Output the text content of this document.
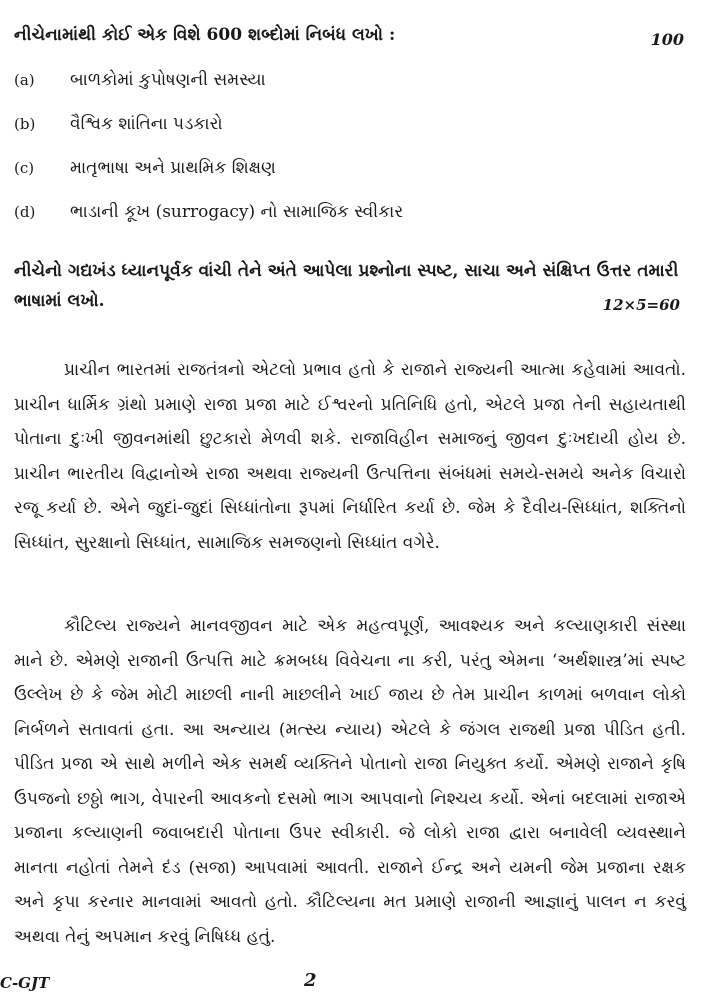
નીચેનામાંથી કોઈ એક વિશે 600 શબ્દોમાં નિબંધ લખો :	100
(a)	બાળકોમાં કુપોષણની સમસ્યા
(b)	વૈશ્વિક શાંતિના પડકારો
(c)	માતૃભાષા અને પ્રાથમિક શિક્ષણ
(d)	ભાડાની કૂખ (surrogacy) નો સામાજિક સ્વીકાર
નીચેનો ગદ્યખંડ ધ્યાનપૂર્વક વાંચી તેને અંતે આપેલા પ્રશ્નોના સ્પષ્ટ, સાચા અને સંક્ષિપ્ત ઉત્તર તમારી ભાષામાં લખો.	12×5=60

પ્રાચીન ભારતમાં રાજતંત્રનો એટલો પ્રભાવ હતો કે રાજાને રાજ્યની આત્મા કહેવામાં આવતો. પ્રાચીન ધાર્મિક ગ્રંથો પ્રમાણે રાજા પ્રજા માટે ઈશ્વરનો પ્રતિનિધિ હતો, એટલે પ્રજા તેની સહાયતાથી પોતાના દુઃખી જીવનમાંથી છુટકારો મેળવી શકે. રાજાવિહીન સમાજનું જીવન દુઃખદાયી હોય છે. પ્રાચીન ભારતીય વિદ્વાનોએ રાજા અથવા રાજ્યની ઉત્પત્તિના સંબંધમાં સમયે-સમયે અનેક વિચારો રજૂ કર્યા છે. એને જુદાં-જુદાં સિધ્ધાંતોના રૂપમાં નિર્ધારિત કર્યા છે. જેમ કે દૈવીય-સિધ્ધાંત, શક્તિનો સિધ્ધાંત, સુરક્ષાનો સિધ્ધાંત, સામાજિક સમજણનો સિધ્ધાંત વગેરે.

કૌટિલ્ય રાજ્યને માનવજીવન માટે એક મહત્વપૂર્ણ, આવશ્યક અને કલ્યાણકારી સંસ્થા માને છે. એમણે રાજાની ઉત્પત્તિ માટે ક્રમબધ્ધ વિવેચના ના કરી, પરંતુ એમના ‘અર્થશાસ્ત્ર’માં સ્પષ્ટ ઉલ્લેખ છે કે જેમ મોટી માછલી નાની માછલીને ખાઈ જાય છે તેમ પ્રાચીન કાળમાં બળવાન લોકો નિર્બળને સતાવતાં હતા. આ અન્યાય (મત્સ્ય ન્યાય) એટલે કે જંગલ રાજથી પ્રજા પીડિત હતી. પીડિત પ્રજા એ સાથે મળીને એક સમર્થ વ્યક્તિને પોતાનો રાજા નિયુક્ત કર્યો. એમણે રાજાને કૃષિ ઉપજનો છઠ્ઠો ભાગ, વેપારની આવકનો દસમો ભાગ આપવાનો નિશ્ચય કર્યો. એનાં બદલામાં રાજાએ પ્રજાના કલ્યાણની જવાબદારી પોતાના ઉપર સ્વીકારી. જે લોકો રાજા દ્વારા બનાવેલી વ્યવસ્થાને માનતા નહોતાં તેમને દંડ (સજા) આપવામાં આવતી. રાજાને ઈન્દ્ર અને યમની જેમ પ્રજાના રક્ષક અને કૃપા કરનાર માનવામાં આવતો હતો. કૌટિલ્યના મત પ્રમાણે રાજાની આજ્ઞાનું પાલન ન કરવું અથવા તેનું અપમાન કરવું નિષિધ્ધ હતું.

C-GJT	2
